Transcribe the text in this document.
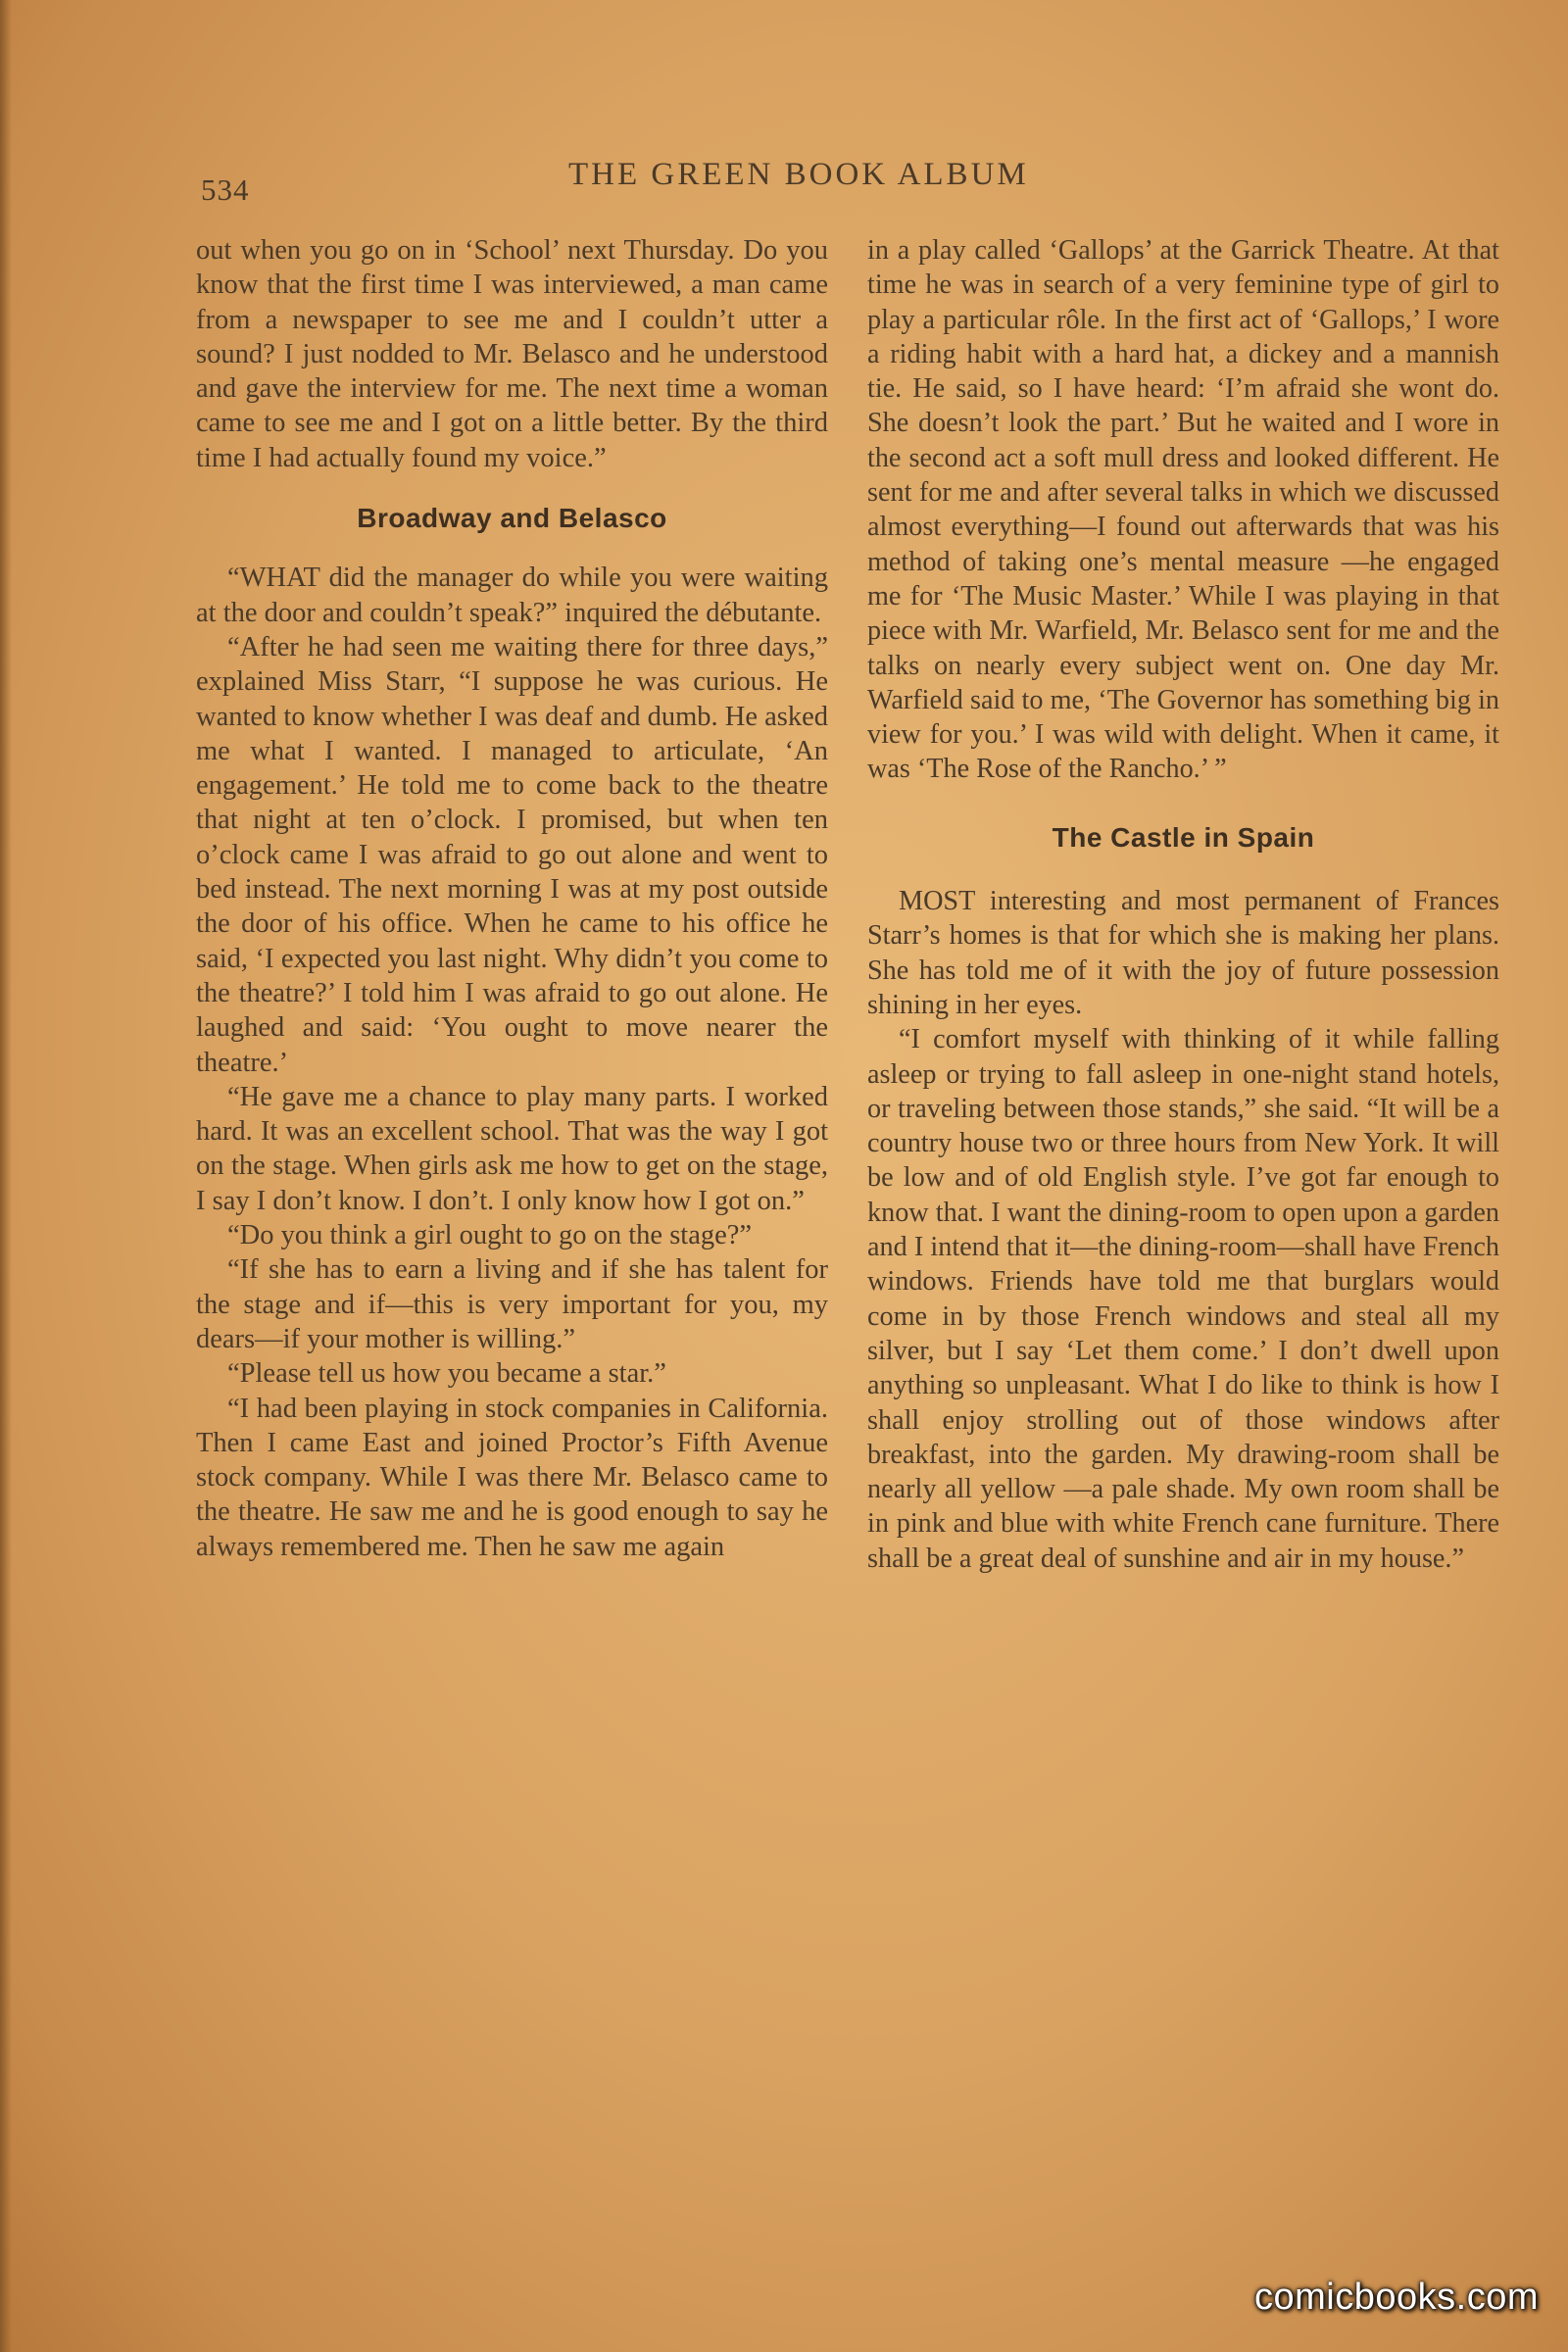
534	THE GREEN BOOK ALBUM

out when you go on in ‘School’ next Thursday. Do you know that the first time I was interviewed, a man came from a newspaper to see me and I couldn’t utter a sound? I just nodded to Mr. Belasco and he understood and gave the interview for me. The next time a woman came to see me and I got on a little better. By the third time I had actually found my voice.”

Broadway and Belasco

“WHAT did the manager do while you were waiting at the door and couldn’t speak?” inquired the débutante.

“After he had seen me waiting there for three days,” explained Miss Starr, “I suppose he was curious. He wanted to know whether I was deaf and dumb. He asked me what I wanted. I managed to articulate, ‘An engagement.’ He told me to come back to the theatre that night at ten o’clock. I promised, but when ten o’clock came I was afraid to go out alone and went to bed instead. The next morning I was at my post outside the door of his office. When he came to his office he said, ‘I expected you last night. Why didn’t you come to the theatre?’ I told him I was afraid to go out alone. He laughed and said: ‘You ought to move nearer the theatre.’

“He gave me a chance to play many parts. I worked hard. It was an excellent school. That was the way I got on the stage. When girls ask me how to get on the stage, I say I don’t know. I don’t. I only know how I got on.”

“Do you think a girl ought to go on the stage?”

“If she has to earn a living and if she has talent for the stage and if—this is very important for you, my dears—if your mother is willing.”

“Please tell us how you became a star.”

“I had been playing in stock companies in California. Then I came East and joined Proctor’s Fifth Avenue stock company. While I was there Mr. Belasco came to the theatre. He saw me and he is good enough to say he always remembered me. Then he saw me again

in a play called ‘Gallops’ at the Garrick Theatre. At that time he was in search of a very feminine type of girl to play a particular rôle. In the first act of ‘Gallops,’ I wore a riding habit with a hard hat, a dickey and a mannish tie. He said, so I have heard: ‘I’m afraid she wont do. She doesn’t look the part.’ But he waited and I wore in the second act a soft mull dress and looked different. He sent for me and after several talks in which we discussed almost everything—I found out afterwards that was his method of taking one’s mental measure —he engaged me for ‘The Music Master.’ While I was playing in that piece with Mr. Warfield, Mr. Belasco sent for me and the talks on nearly every subject went on. One day Mr. Warfield said to me, ‘The Governor has something big in view for you.’ I was wild with delight. When it came, it was ‘The Rose of the Rancho.’ ”

The Castle in Spain

MOST interesting and most permanent of Frances Starr’s homes is that for which she is making her plans. She has told me of it with the joy of future possession shining in her eyes.

“I comfort myself with thinking of it while falling asleep or trying to fall asleep in one-night stand hotels, or traveling between those stands,” she said. “It will be a country house two or three hours from New York. It will be low and of old English style. I’ve got far enough to know that. I want the dining-room to open upon a garden and I intend that it—the dining-room—shall have French windows. Friends have told me that burglars would come in by those French windows and steal all my silver, but I say ‘Let them come.’ I don’t dwell upon anything so unpleasant. What I do like to think is how I shall enjoy strolling out of those windows after breakfast, into the garden. My drawing-room shall be nearly all yellow —a pale shade. My own room shall be in pink and blue with white French cane furniture. There shall be a great deal of sunshine and air in my house.”

comicbooks.com
